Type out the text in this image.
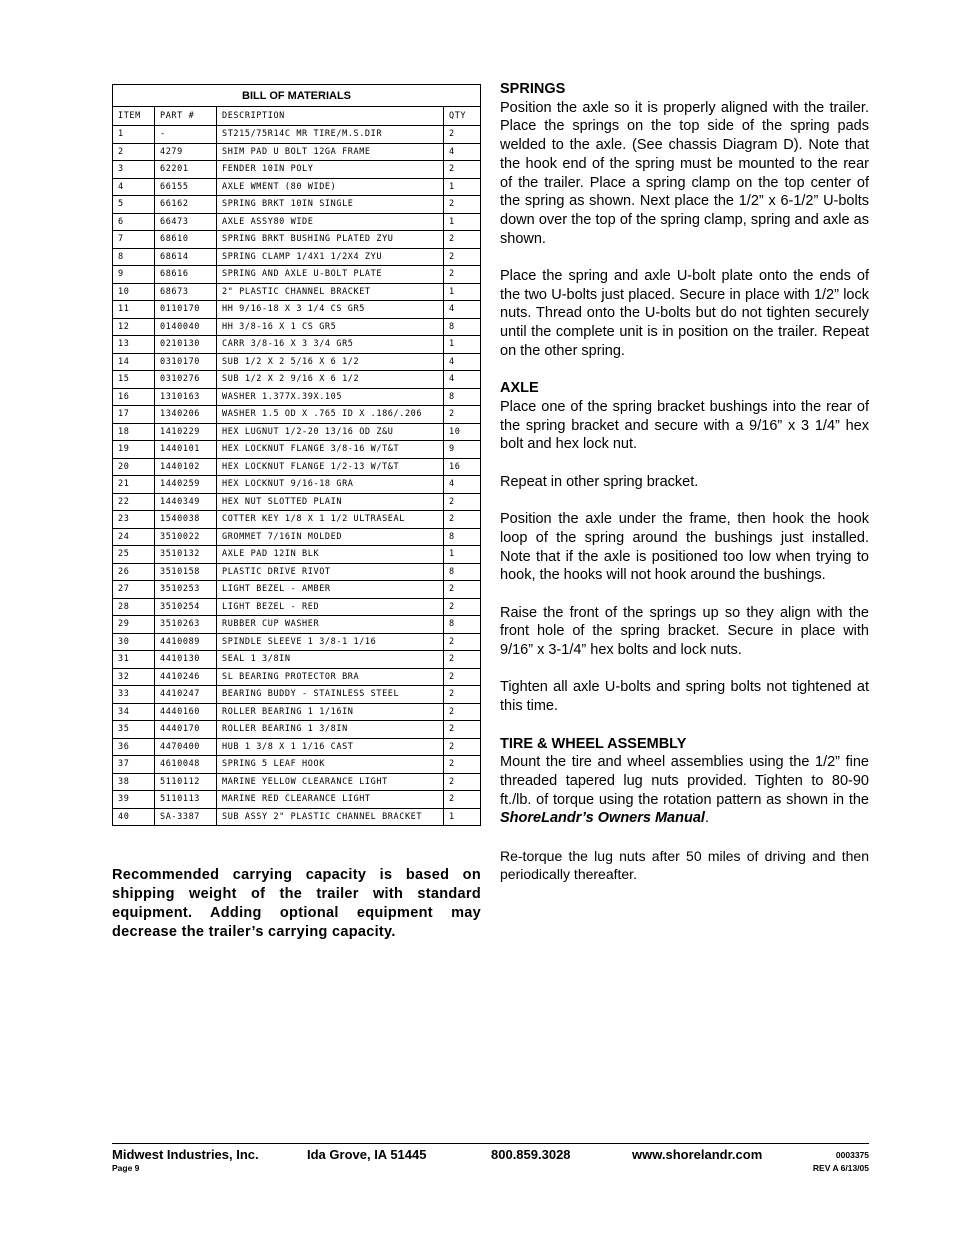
BILL OF MATERIALS			
ITEM	PART #	DESCRIPTION	QTY
1	-	ST215/75R14C MR TIRE/M.S.DIR	2
2	4279	SHIM PAD U BOLT 12GA FRAME	4
3	62201	FENDER 10IN POLY	2
4	66155	AXLE WMENT (80 WIDE)	1
5	66162	SPRING BRKT 10IN SINGLE	2
6	66473	AXLE ASSY80 WIDE	1
7	68610	SPRING BRKT BUSHING PLATED ZYU	2
8	68614	SPRING CLAMP 1/4X1 1/2X4 ZYU	2
9	68616	SPRING AND AXLE U-BOLT PLATE	2
10	68673	2" PLASTIC CHANNEL BRACKET	1
11	0110170	HH 9/16-18 X 3 1/4 CS GR5	4
12	0140040	HH 3/8-16 X 1 CS GR5	8
13	0210130	CARR 3/8-16 X 3 3/4 GR5	1
14	0310170	SUB 1/2 X 2 5/16 X 6 1/2	4
15	0310276	SUB 1/2 X 2 9/16 X 6 1/2	4
16	1310163	WASHER 1.377X.39X.105	8
17	1340206	WASHER 1.5 OD X .765 ID X .186/.206	2
18	1410229	HEX LUGNUT 1/2-20 13/16 OD Z&U	10
19	1440101	HEX LOCKNUT FLANGE 3/8-16 W/T&T	9
20	1440102	HEX LOCKNUT FLANGE 1/2-13 W/T&T	16
21	1440259	HEX LOCKNUT 9/16-18 GRA	4
22	1440349	HEX NUT SLOTTED PLAIN	2
23	1540038	COTTER KEY 1/8 X 1 1/2 ULTRASEAL	2
24	3510022	GROMMET 7/16IN MOLDED	8
25	3510132	AXLE PAD 12IN BLK	1
26	3510158	PLASTIC DRIVE RIVOT	8
27	3510253	LIGHT BEZEL - AMBER	2
28	3510254	LIGHT BEZEL - RED	2
29	3510263	RUBBER CUP WASHER	8
30	4410089	SPINDLE SLEEVE 1 3/8-1 1/16	2
31	4410130	SEAL 1 3/8IN	2
32	4410246	SL BEARING PROTECTOR BRA	2
33	4410247	BEARING BUDDY - STAINLESS STEEL	2
34	4440160	ROLLER BEARING 1 1/16IN	2
35	4440170	ROLLER BEARING 1 3/8IN	2
36	4470400	HUB 1 3/8 X 1 1/16 CAST	2
37	4610048	SPRING 5 LEAF HOOK	2
38	5110112	MARINE YELLOW CLEARANCE LIGHT	2
39	5110113	MARINE RED CLEARANCE LIGHT	2
40	SA-3387	SUB ASSY 2" PLASTIC CHANNEL BRACKET	1

Recommended carrying capacity is based on shipping weight of the trailer with standard equipment. Adding optional equipment may decrease the trailer’s carrying capacity.

SPRINGS

Position the axle so it is properly aligned with the trailer. Place the springs on the top side of the spring pads welded to the axle. (See chassis Diagram D). Note that the hook end of the spring must be mounted to the rear of the trailer. Place a spring clamp on the top center of the spring as shown. Next place the 1/2” x 6-1/2” U-bolts down over the top of the spring clamp, spring and axle as shown.

Place the spring and axle U-bolt plate onto the ends of the two U-bolts just placed. Secure in place with 1/2” lock nuts. Thread onto the U-bolts but do not tighten securely until the complete unit is in position on the trailer. Repeat on the other spring.

AXLE

Place one of the spring bracket bushings into the rear of the spring bracket and secure with a 9/16” x 3 1/4” hex bolt and hex lock nut.

Repeat in other spring bracket.

Position the axle under the frame, then hook the hook loop of the spring around the bushings just installed. Note that if the axle is positioned too low when trying to hook, the hooks will not hook around the bushings.

Raise the front of the springs up so they align with the front hole of the spring bracket. Secure in place with 9/16” x 3-1/4” hex bolts and lock nuts.

Tighten all axle U-bolts and spring bolts not tightened at this time.

TIRE & WHEEL ASSEMBLY

Mount the tire and wheel assemblies using the 1/2” fine threaded tapered lug nuts provided. Tighten to 80-90 ft./lb. of torque using the rotation pattern as shown in the ShoreLandr’s Owners Manual.

Re-torque the lug nuts after 50 miles of driving and then periodically thereafter.

Midwest Industries, Inc.	Ida Grove, IA 51445	800.859.3028	www.shorelandr.com	0003375
Page 9	REV A 6/13/05
